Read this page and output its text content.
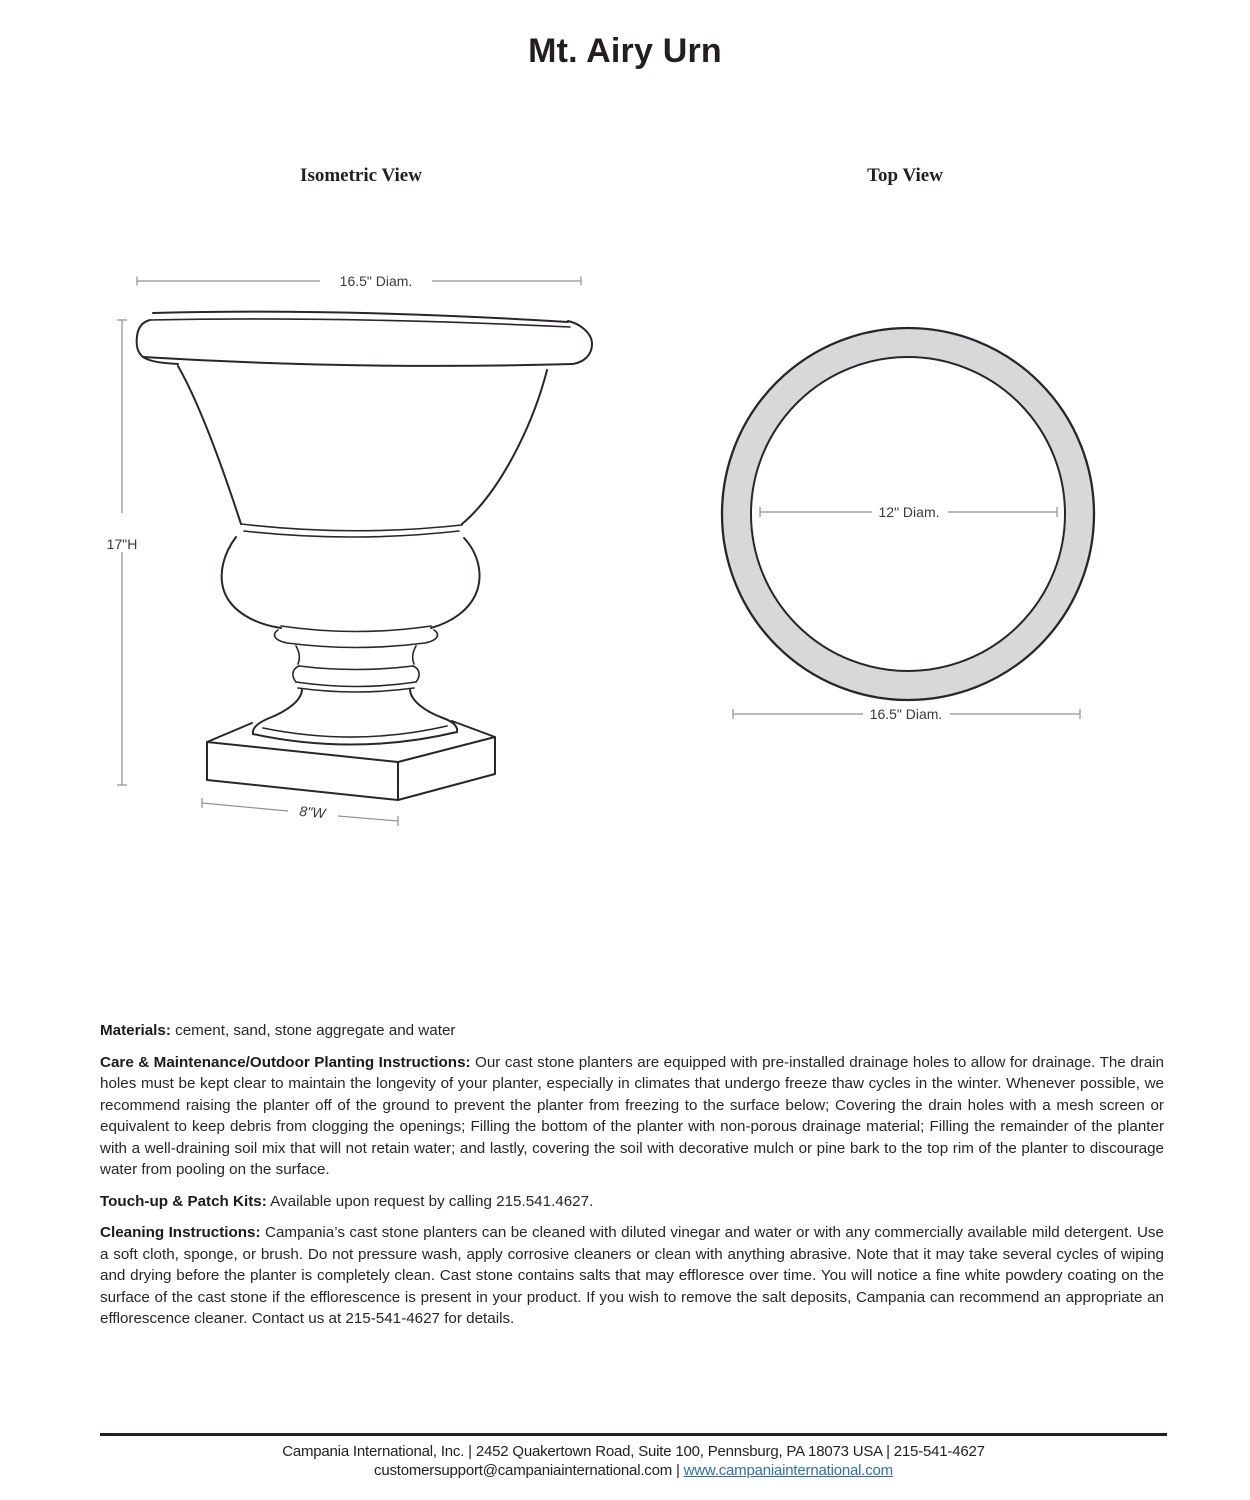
Mt. Airy Urn
Isometric View	Top View
16.5" Diam.
17"H
8"W
12" Diam.
16.5" Diam.

Materials: cement, sand, stone aggregate and water

Care & Maintenance/Outdoor Planting Instructions: Our cast stone planters are equipped with pre-installed drainage holes to allow for drainage. The drain holes must be kept clear to maintain the longevity of your planter, especially in climates that undergo freeze thaw cycles in the winter. Whenever possible, we recommend raising the planter off of the ground to prevent the planter from freezing to the surface below; Covering the drain holes with a mesh screen or equivalent to keep debris from clogging the openings; Filling the bottom of the planter with non-porous drainage material; Filling the remainder of the planter with a well-draining soil mix that will not retain water; and lastly, covering the soil with decorative mulch or pine bark to the top rim of the planter to discourage water from pooling on the surface.

Touch-up & Patch Kits: Available upon request by calling 215.541.4627.

Cleaning Instructions: Campania’s cast stone planters can be cleaned with diluted vinegar and water or with any commercially available mild detergent. Use a soft cloth, sponge, or brush. Do not pressure wash, apply corrosive cleaners or clean with anything abrasive. Note that it may take several cycles of wiping and drying before the planter is completely clean. Cast stone contains salts that may effloresce over time. You will notice a fine white powdery coating on the surface of the cast stone if the efflorescence is present in your product. If you wish to remove the salt deposits, Campania can recommend an appropriate an efflorescence cleaner. Contact us at 215-541-4627 for details.

Campania International, Inc. | 2452 Quakertown Road, Suite 100, Pennsburg, PA 18073 USA | 215-541-4627
customersupport@campaniainternational.com | www.campaniainternational.com
